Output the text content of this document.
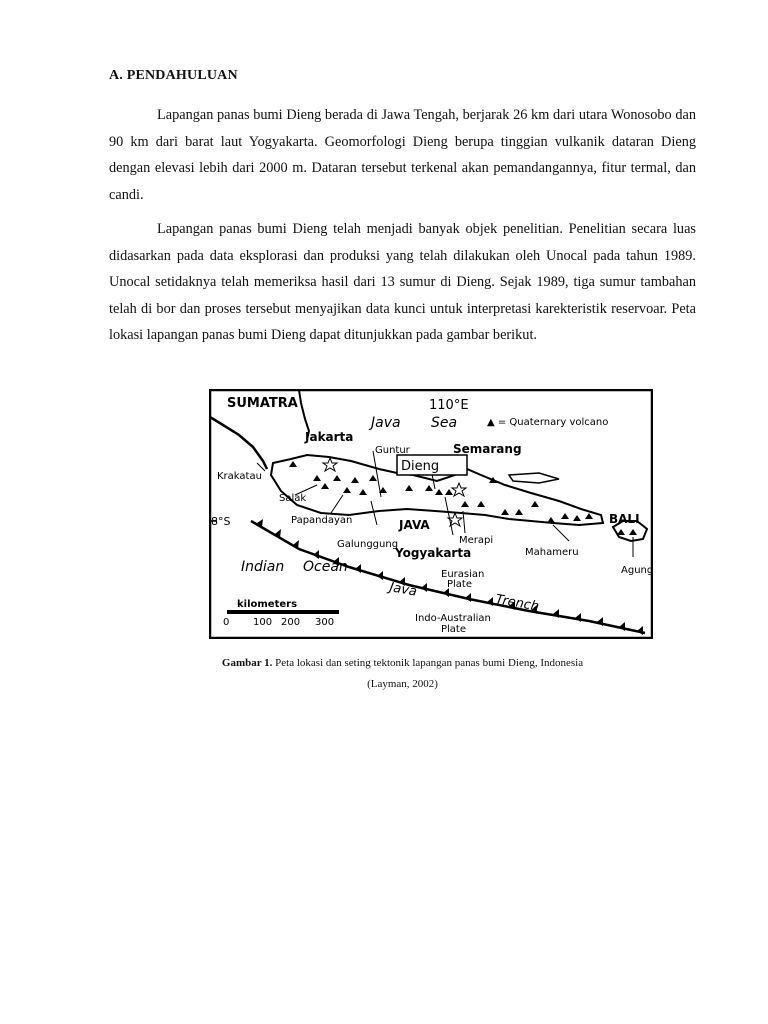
A. PENDAHULUAN

Lapangan panas bumi Dieng berada di Jawa Tengah, berjarak 26 km dari utara Wonosobo dan 90 km dari barat laut Yogyakarta. Geomorfologi Dieng berupa tinggian vulkanik dataran Dieng dengan elevasi lebih dari 2000 m. Dataran tersebut terkenal akan pemandangannya, fitur termal, dan candi.

Lapangan panas bumi Dieng telah menjadi banyak objek penelitian. Penelitian secara luas didasarkan pada data eksplorasi dan produksi yang telah dilakukan oleh Unocal pada tahun 1989. Unocal setidaknya telah memeriksa hasil dari 13 sumur di Dieng. Sejak 1989, tiga sumur tambahan telah di bor dan proses tersebut menyajikan data kunci untuk interpretasi karekteristik reservoar. Peta lokasi lapangan panas bumi Dieng dapat ditunjukkan pada gambar berikut.

SUMATRA	110°E
Java Sea	▲ = Quaternary volcano
Jakarta
Guntur	Semarang
Dieng
Krakatau
Salak
Papandayan	JAVA	BALI
8°S
Galunggung
Yogyakarta
Merapi
Mahameru
Indian Ocean	Eurasian
Plate
Agung
Java
Trench
kilometers
0 100 200 300	Indo-Australian
Plate
Gambar 1. Peta lokasi dan seting tektonik lapangan panas bumi Dieng, Indonesia
(Layman, 2002)
